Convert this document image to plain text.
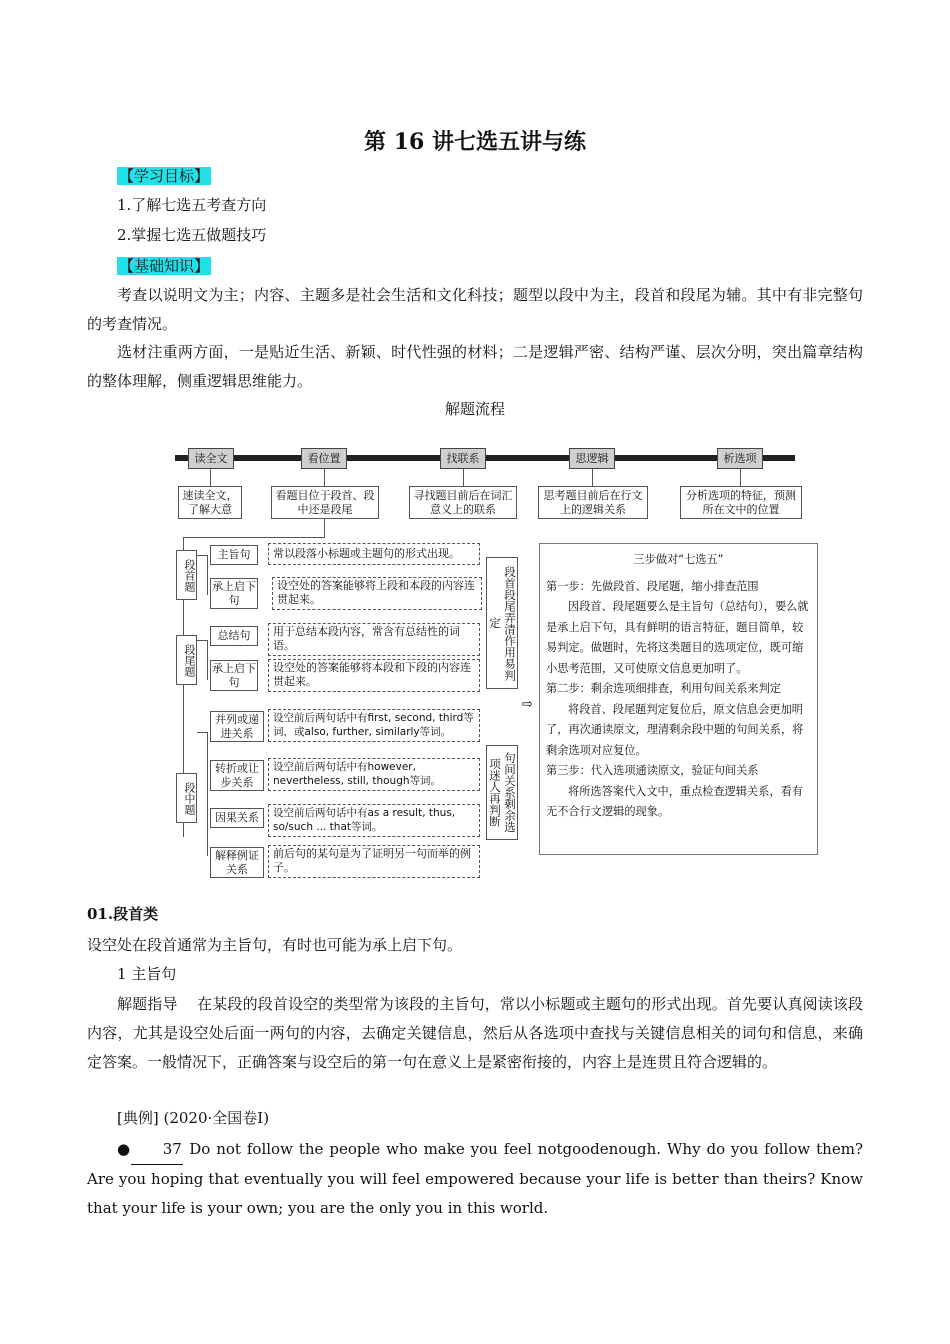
第 16 讲七选五讲与练
【学习目标】
1.了解七选五考查方向
2.掌握七选五做题技巧
【基础知识】
考查以说明文为主；内容、主题多是社会生活和文化科技；题型以段中为主，段首和段尾为辅。其中有非完整句的考查情况。
选材注重两方面，一是贴近生活、新颖、时代性强的材料；二是逻辑严密、结构严谨、层次分明，突出篇章结构的整体理解，侧重逻辑思维能力。
解题流程
读全文	看位置	找联系	思逻辑	析选项
速读全文，了解大意
看题目位于段首、段中还是段尾
寻找题目前后在词汇意义上的联系
思考题目前后在行文上的逻辑关系
分析选项的特征，预测所在文中的位置
段首题
段尾题
段中题
主旨句
承上启下句
总结句
承上启下句
并列或递进关系
转折或让步关系
因果关系
解释例证关系
常以段落小标题或主题句的形式出现。
设空处的答案能够将上段和本段的内容连贯起来。
用于总结本段内容，常含有总结性的词语。
设空处的答案能够将本段和下段的内容连贯起来。
设空前后两句话中有first, second, third等词，或also, further, similarly等词。
设空前后两句话中有however, nevertheless, still, though等词。
设空前后两句话中有as a result, thus, so/such ... that等词。
前后句的某句是为了证明另一句而举的例子。
段首段尾弄清作用易判定
句间关系剩余选项迷人再判断
⇨

三步做对“七选五”

第一步：先做段首、段尾题，缩小排查范围

因段首、段尾题要么是主旨句（总结句），要么就是承上启下句，具有鲜明的语言特征，题目简单，较易判定。做题时，先将这类题目的选项定位，既可缩小思考范围，又可使原文信息更加明了。

第二步：剩余选项细排查，利用句间关系来判定

将段首、段尾题判定复位后，原文信息会更加明了，再次通读原文，理清剩余段中题的句间关系，将剩余选项对应复位。

第三步：代入选项通读原文，验证句间关系

将所选答案代入文中，重点检查逻辑关系，看有无不合行文逻辑的现象。

01.段首类
设空处在段首通常为主旨句，有时也可能为承上启下句。
1 主旨句
解题指导    在某段的段首设空的类型常为该段的主旨句，常以小标题或主题句的形式出现。首先要认真阅读该段内容，尤其是设空处后面一两句的内容，去确定关键信息，然后从各选项中查找与关键信息相关的词句和信息，来确定答案。一般情况下，正确答案与设空后的第一句在意义上是紧密衔接的，内容上是连贯且符合逻辑的。
[典例] (2020·全国卷Ⅰ)
● 37 Do not follow the people who make you feel notgoodenough. Why do you follow them? Are you hoping that eventually you will feel empowered because your life is better than theirs? Know that your life is your own; you are the only you in this world.
